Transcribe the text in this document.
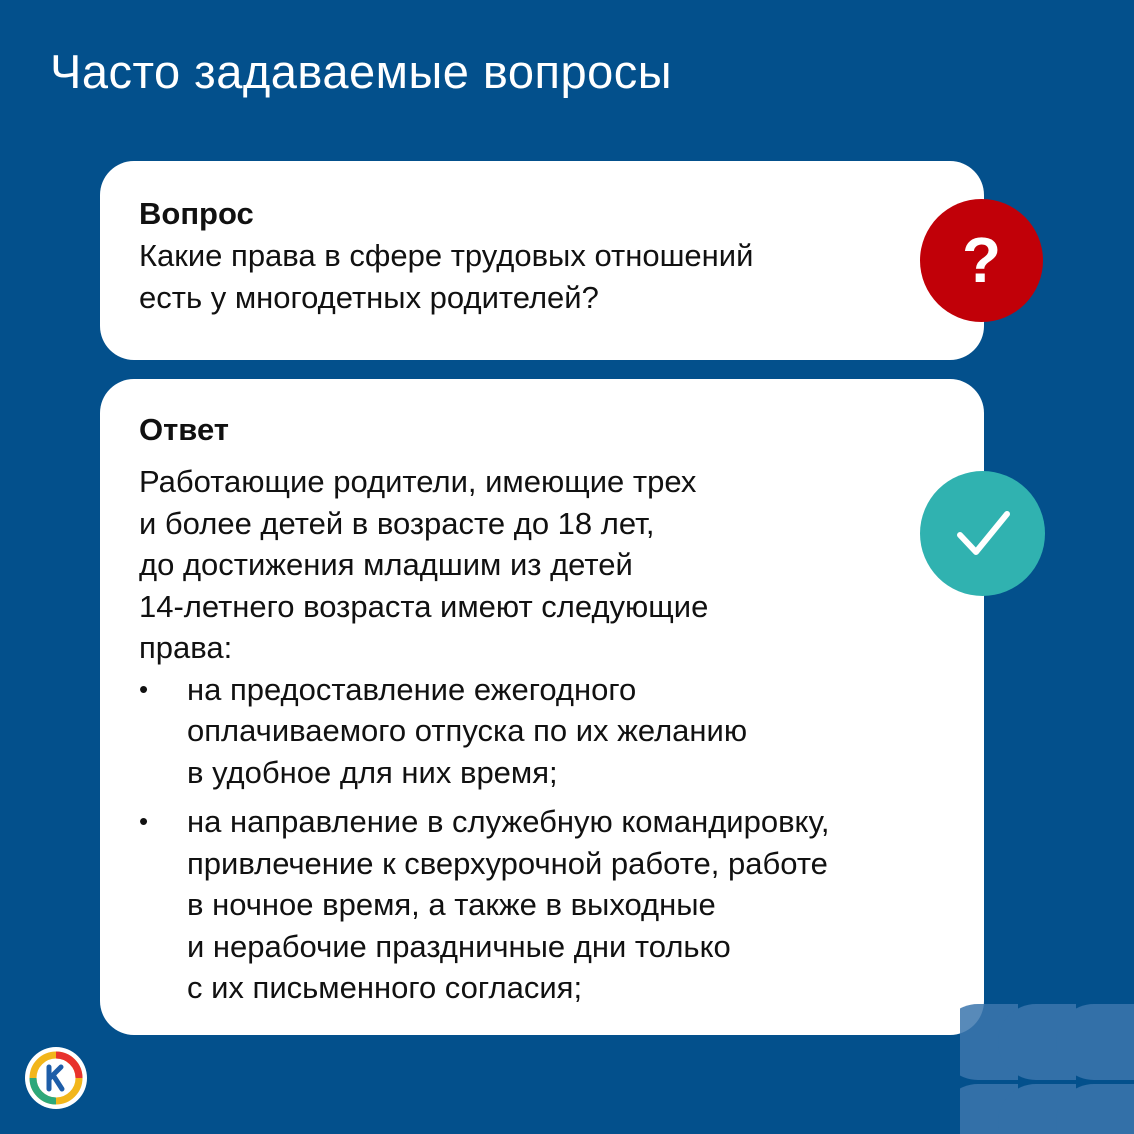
Часто задаваемые вопросы

Вопрос

Какие права в сфере трудовых отношений
есть у многодетных родителей?

?

Ответ

Работающие родители, имеющие трех
и более детей в возрасте до 18 лет,
до достижения младшим из детей
14-летнего возраста имеют следующие
права:

• на предоставление ежегодного
оплачиваемого отпуска по их желанию
в удобное для них время;
• на направление в служебную командировку,
привлечение к сверхурочной работе, работе
в ночное время, а также в выходные
и нерабочие праздничные дни только
с их письменного согласия;
